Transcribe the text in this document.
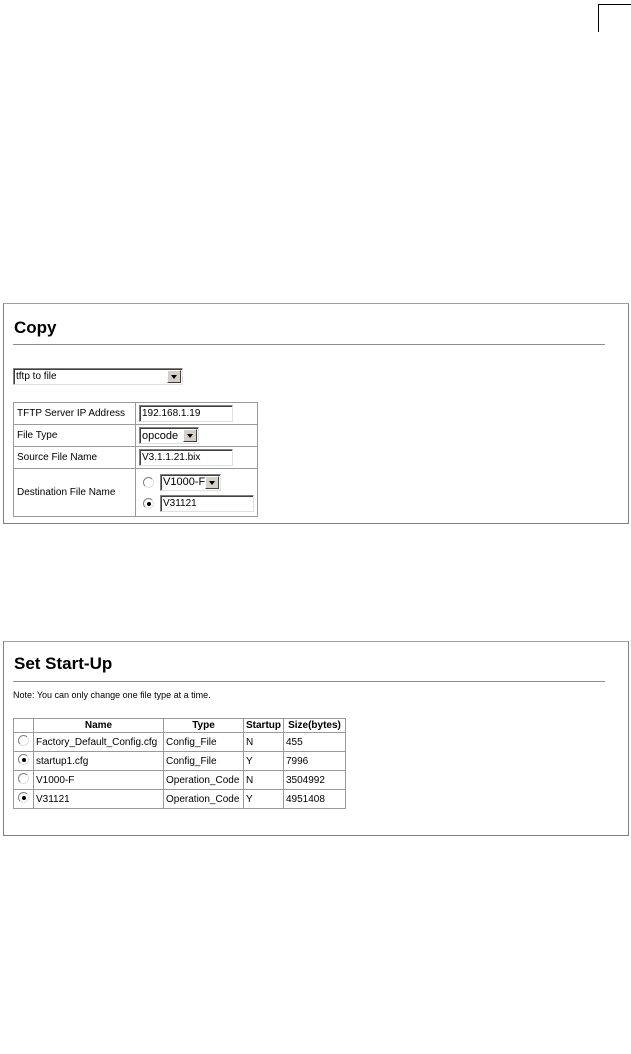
Copy
tftp to file
TFTP Server IP Address	192.168.1.19
File Type	opcode

Source File Name	V3.1.1.21.bix
Destination File Name	V1000-F
V31121
Set Start-Up
Note: You can only change one file type at a time.
	Name	Type	Startup	Size(bytes)
	Factory_Default_Config.cfg	Config_File	N	455
	startup1.cfg	Config_File	Y	7996
	V1000-F	Operation_Code	N	3504992
	V31121	Operation_Code	Y	4951408
